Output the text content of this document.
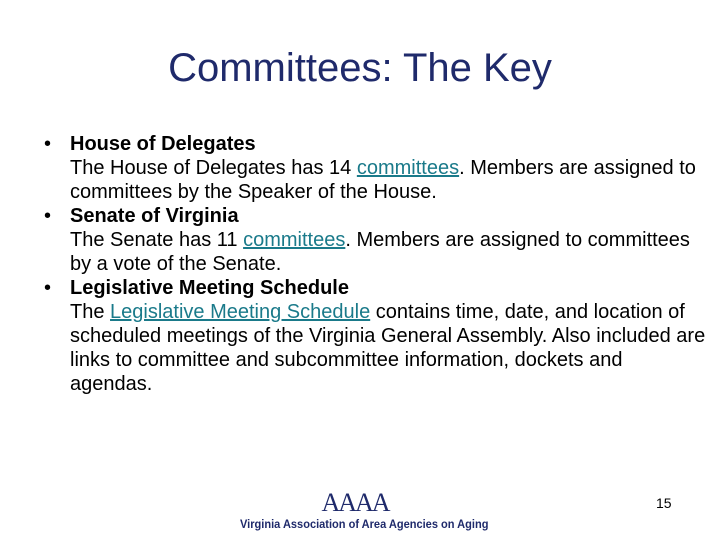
Committees: The Key
• House of Delegates
The House of Delegates has 14 committees. Members are assigned to committees by the Speaker of the House.
• Senate of Virginia
The Senate has 11 committees. Members are assigned to committees by a vote of the Senate.
• Legislative Meeting Schedule
The Legislative Meeting Schedule contains time, date, and location of scheduled meetings of the Virginia General Assembly. Also included are links to committee and subcommittee information, dockets and agendas.
AAAA
Virginia Association of Area Agencies on Aging
15
